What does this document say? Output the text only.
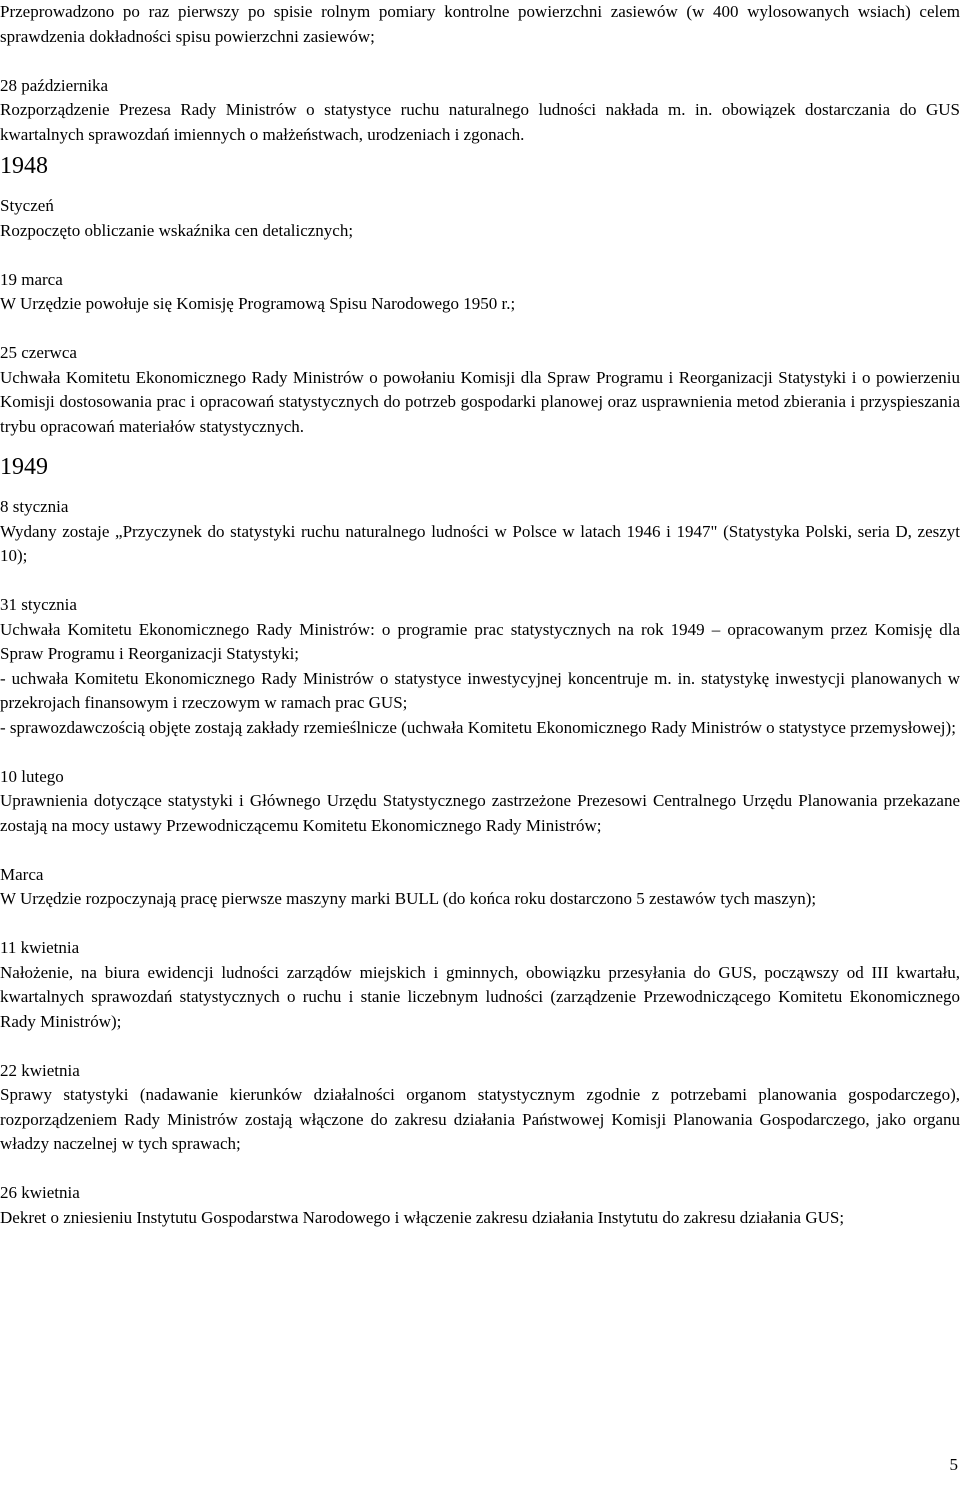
Przeprowadzono po raz pierwszy po spisie rolnym pomiary kontrolne powierzchni zasiewów (w 400 wylosowanych wsiach) celem sprawdzenia dokładności spisu powierzchni zasiewów;

28 października

Rozporządzenie Prezesa Rady Ministrów o statystyce ruchu naturalnego ludności nakłada m. in. obowiązek dostarczania do GUS kwartalnych sprawozdań imiennych o małżeństwach, urodzeniach i zgonach.

1948

Styczeń

Rozpoczęto obliczanie wskaźnika cen detalicznych;

19 marca

W Urzędzie powołuje się Komisję Programową Spisu Narodowego 1950 r.;

25 czerwca

Uchwała Komitetu Ekonomicznego Rady Ministrów o powołaniu Komisji dla Spraw Programu i Reorganizacji Statystyki i o powierzeniu Komisji dostosowania prac i opracowań statystycznych do potrzeb gospodarki planowej oraz usprawnienia metod zbierania i przyspieszania trybu opracowań materiałów statystycznych.

1949

8 stycznia

Wydany zostaje „Przyczynek do statystyki ruchu naturalnego ludności w Polsce w latach 1946 i 1947" (Statystyka Polski, seria D, zeszyt 10);

31 stycznia

Uchwała Komitetu Ekonomicznego Rady Ministrów: o programie prac statystycznych na rok 1949 – opracowanym przez Komisję dla Spraw Programu i Reorganizacji Statystyki;

- uchwała Komitetu Ekonomicznego Rady Ministrów o statystyce inwestycyjnej koncentruje m. in. statystykę inwestycji planowanych w przekrojach finansowym i rzeczowym w ramach prac GUS;

- sprawozdawczością objęte zostają zakłady rzemieślnicze (uchwała Komitetu Ekonomicznego Rady Ministrów o statystyce przemysłowej);

10 lutego

Uprawnienia dotyczące statystyki i Głównego Urzędu Statystycznego zastrzeżone Prezesowi Centralnego Urzędu Planowania przekazane zostają na mocy ustawy Przewodniczącemu Komitetu Ekonomicznego Rady Ministrów;

Marca

W Urzędzie rozpoczynają pracę pierwsze maszyny marki BULL (do końca roku dostarczono 5 zestawów tych maszyn);

11 kwietnia

Nałożenie, na biura ewidencji ludności zarządów miejskich i gminnych, obowiązku przesyłania do GUS, począwszy od III kwartału, kwartalnych sprawozdań statystycznych o ruchu i stanie liczebnym ludności (zarządzenie Przewodniczącego Komitetu Ekonomicznego Rady Ministrów);

22 kwietnia

Sprawy statystyki (nadawanie kierunków działalności organom statystycznym zgodnie z potrzebami planowania gospodarczego), rozporządzeniem Rady Ministrów zostają włączone do zakresu działania Państwowej Komisji Planowania Gospodarczego, jako organu władzy naczelnej w tych sprawach;

26 kwietnia

Dekret o zniesieniu Instytutu Gospodarstwa Narodowego i włączenie zakresu działania Instytutu do zakresu działania GUS;

5
